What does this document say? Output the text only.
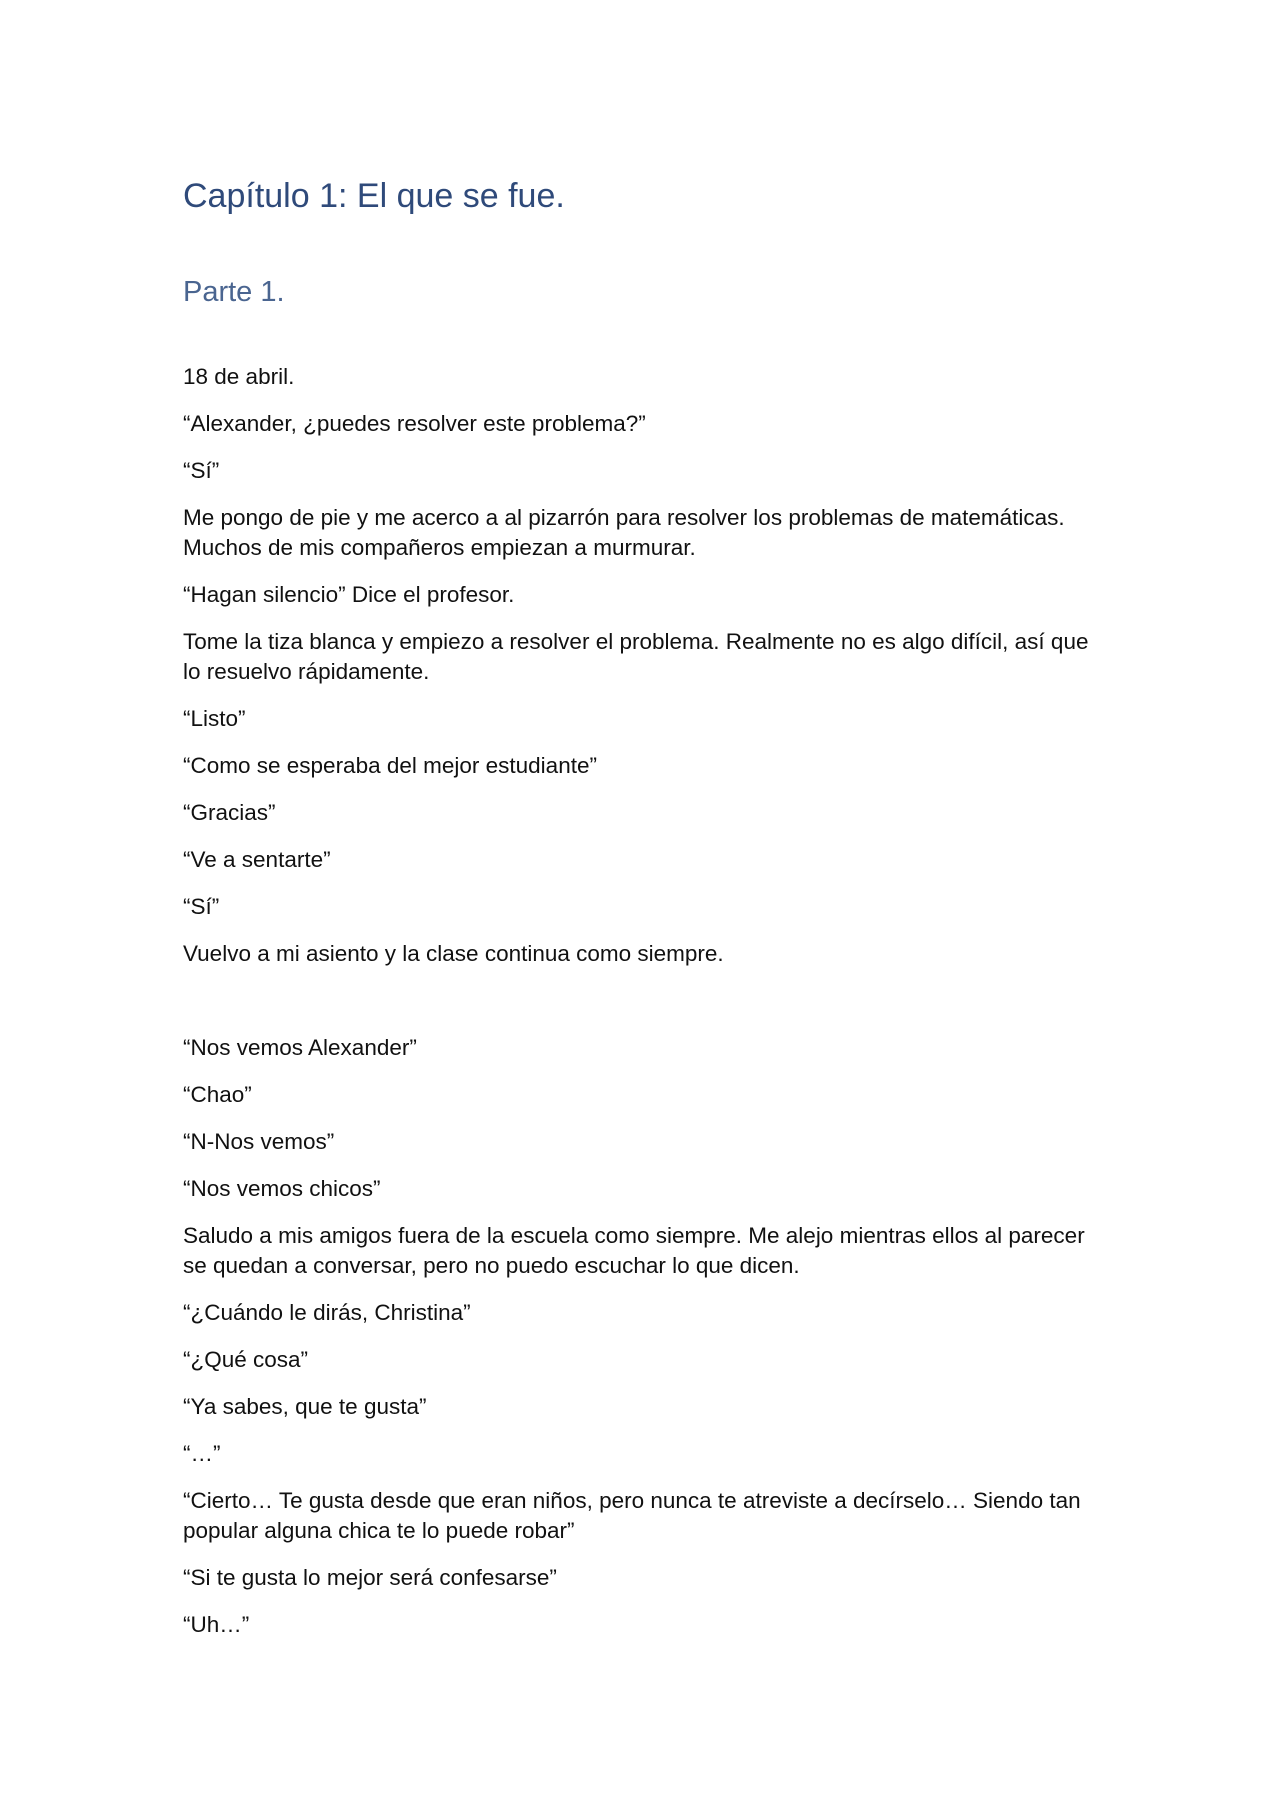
Capítulo 1: El que se fue.
Parte 1.

18 de abril.

“Alexander, ¿puedes resolver este problema?”

“Sí”

Me pongo de pie y me acerco a al pizarrón para resolver los problemas de matemáticas. Muchos de mis compañeros empiezan a murmurar.

“Hagan silencio” Dice el profesor.

Tome la tiza blanca y empiezo a resolver el problema. Realmente no es algo difícil, así que lo resuelvo rápidamente.

“Listo”

“Como se esperaba del mejor estudiante”

“Gracias”

“Ve a sentarte”

“Sí”

Vuelvo a mi asiento y la clase continua como siempre.

“Nos vemos Alexander”

“Chao”

“N-Nos vemos”

“Nos vemos chicos”

Saludo a mis amigos fuera de la escuela como siempre. Me alejo mientras ellos al parecer se quedan a conversar, pero no puedo escuchar lo que dicen.

“¿Cuándo le dirás, Christina”

“¿Qué cosa”

“Ya sabes, que te gusta”

“…”

“Cierto… Te gusta desde que eran niños, pero nunca te atreviste a decírselo… Siendo tan popular alguna chica te lo puede robar”

“Si te gusta lo mejor será confesarse”

“Uh…”
